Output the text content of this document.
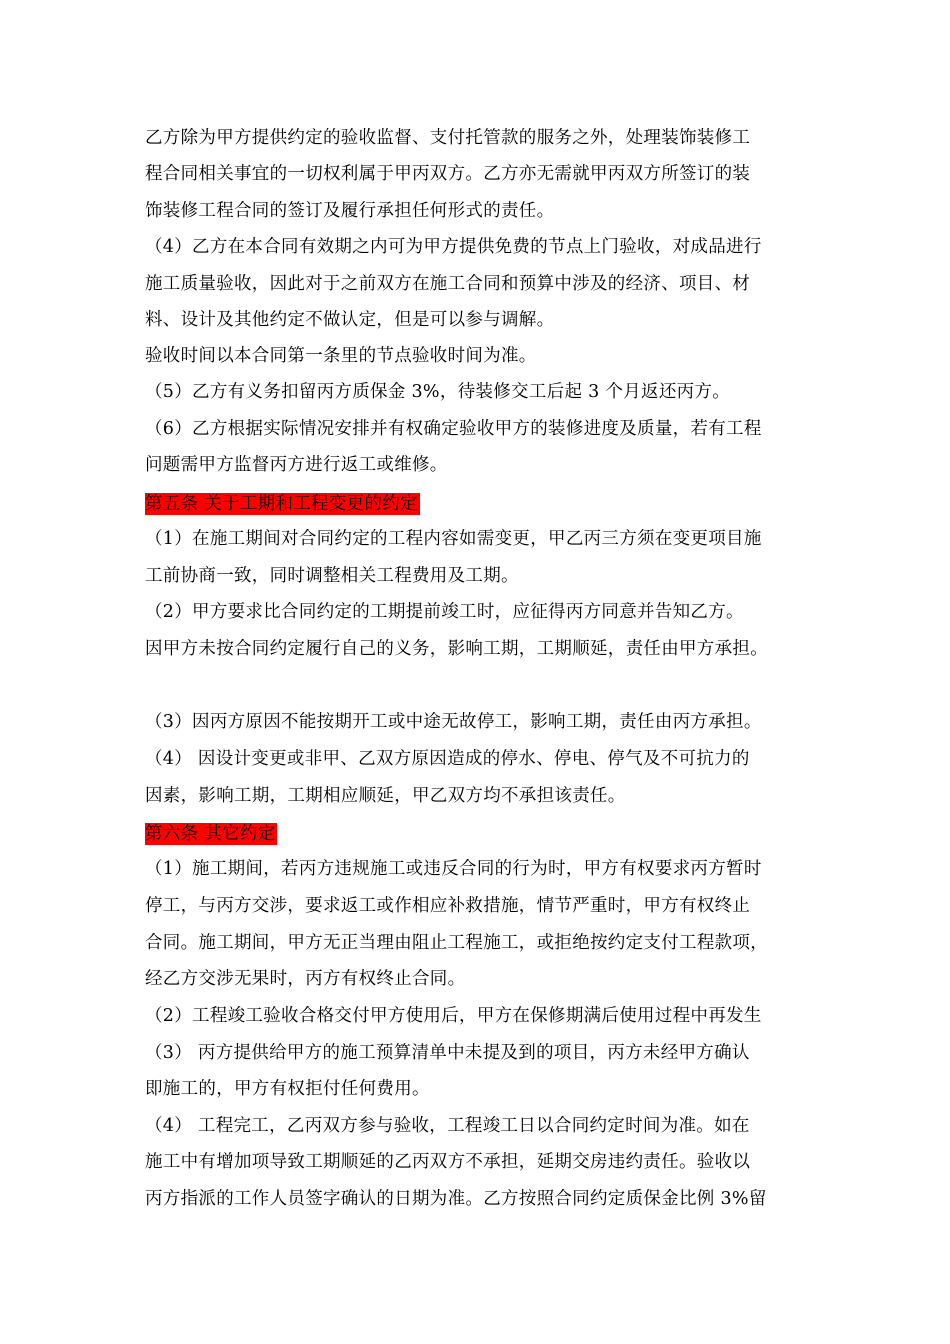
乙方除为甲方提供约定的验收监督、支付托管款的服务之外，处理装饰装修工
程合同相关事宜的一切权利属于甲丙双方。乙方亦无需就甲丙双方所签订的装
饰装修工程合同的签订及履行承担任何形式的责任。
（4）乙方在本合同有效期之内可为甲方提供免费的节点上门验收，对成品进行
施工质量验收，因此对于之前双方在施工合同和预算中涉及的经济、项目、材
料、设计及其他约定不做认定，但是可以参与调解。
验收时间以本合同第一条里的节点验收时间为准。
（5）乙方有义务扣留丙方质保金 3%，待装修交工后起 3 个月返还丙方。
（6）乙方根据实际情况安排并有权确定验收甲方的装修进度及质量，若有工程
问题需甲方监督丙方进行返工或维修。
第五条 关于工期和工程变更的约定
（1）在施工期间对合同约定的工程内容如需变更，甲乙丙三方须在变更项目施
工前协商一致，同时调整相关工程费用及工期。
（2）甲方要求比合同约定的工期提前竣工时，应征得丙方同意并告知乙方。
因甲方未按合同约定履行自己的义务，影响工期，工期顺延，责任由甲方承担。
（3）因丙方原因不能按期开工或中途无故停工，影响工期，责任由丙方承担。
（4） 因设计变更或非甲、乙双方原因造成的停水、停电、停气及不可抗力的
因素，影响工期，工期相应顺延，甲乙双方均不承担该责任。
第六条 其它约定
（1）施工期间，若丙方违规施工或违反合同的行为时，甲方有权要求丙方暂时
停工，与丙方交涉，要求返工或作相应补救措施，情节严重时，甲方有权终止
合同。施工期间，甲方无正当理由阻止工程施工，或拒绝按约定支付工程款项，
经乙方交涉无果时，丙方有权终止合同。
（2）工程竣工验收合格交付甲方使用后，甲方在保修期满后使用过程中再发生
（3） 丙方提供给甲方的施工预算清单中未提及到的项目，丙方未经甲方确认
即施工的，甲方有权拒付任何费用。
（4） 工程完工，乙丙双方参与验收，工程竣工日以合同约定时间为准。如在
施工中有增加项导致工期顺延的乙丙双方不承担，延期交房违约责任。验收以
丙方指派的工作人员签字确认的日期为准。乙方按照合同约定质保金比例 3%留
